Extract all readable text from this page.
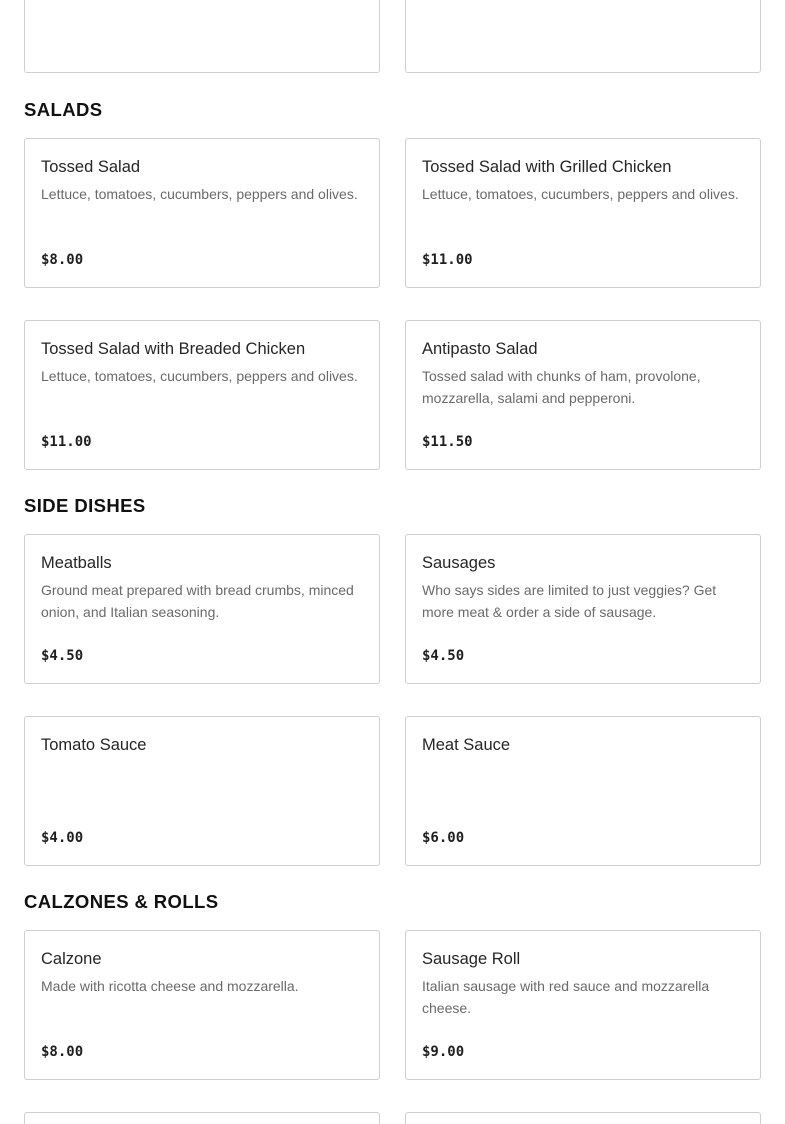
SALADS
Tossed Salad
Lettuce, tomatoes, cucumbers, peppers and olives.
$8.00
Tossed Salad with Grilled Chicken
Lettuce, tomatoes, cucumbers, peppers and olives.
$11.00
Tossed Salad with Breaded Chicken
Lettuce, tomatoes, cucumbers, peppers and olives.
$11.00
Antipasto Salad
Tossed salad with chunks of ham, provolone, mozzarella, salami and pepperoni.
$11.50
SIDE DISHES
Meatballs
Ground meat prepared with bread crumbs, minced onion, and Italian seasoning.
$4.50
Sausages
Who says sides are limited to just veggies? Get more meat & order a side of sausage.
$4.50
Tomato Sauce
$4.00
Meat Sauce
$6.00
CALZONES & ROLLS
Calzone
Made with ricotta cheese and mozzarella.
$8.00
Sausage Roll
Italian sausage with red sauce and mozzarella cheese.
$9.00
